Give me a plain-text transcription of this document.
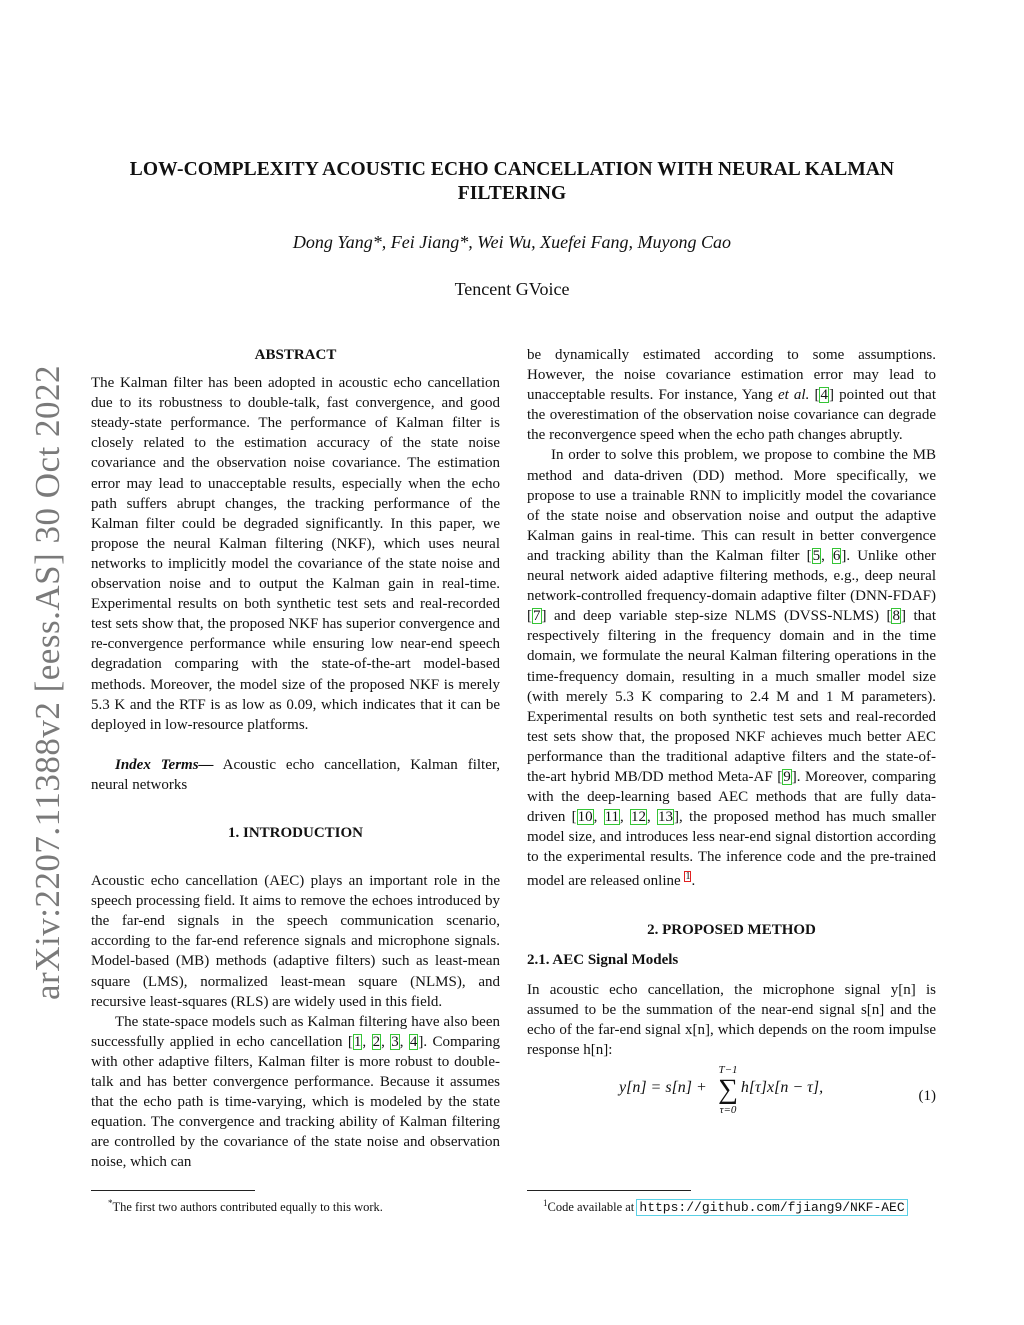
arXiv:2207.11388v2 [eess.AS] 30 Oct 2022
LOW-COMPLEXITY ACOUSTIC ECHO CANCELLATION WITH NEURAL KALMAN
FILTERING
Dong Yang*, Fei Jiang*, Wei Wu, Xuefei Fang, Muyong Cao
Tencent GVoice

ABSTRACT

The Kalman filter has been adopted in acoustic echo cancellation due to its robustness to double-talk, fast convergence, and good steady-state performance. The performance of Kalman filter is closely related to the estimation accuracy of the state noise covariance and the observation noise covariance. The estimation error may lead to unacceptable results, especially when the echo path suffers abrupt changes, the tracking performance of the Kalman filter could be degraded significantly. In this paper, we propose the neural Kalman filtering (NKF), which uses neural networks to implicitly model the covariance of the state noise and observation noise and to output the Kalman gain in real-time. Experimental results on both synthetic test sets and real-recorded test sets show that, the proposed NKF has superior convergence and re-convergence performance while ensuring low near-end speech degradation comparing with the state-of-the-art model-based methods. Moreover, the model size of the proposed NKF is merely 5.3 K and the RTF is as low as 0.09, which indicates that it can be deployed in low-resource platforms.

Index Terms— Acoustic echo cancellation, Kalman filter, neural networks

1. INTRODUCTION

Acoustic echo cancellation (AEC) plays an important role in the speech processing field. It aims to remove the echoes introduced by the far-end signals in the speech communication scenario, according to the far-end reference signals and microphone signals. Model-based (MB) methods (adaptive filters) such as least-mean square (LMS), normalized least-mean square (NLMS), and recursive least-squares (RLS) are widely used in this field.

The state-space models such as Kalman filtering have also been successfully applied in echo cancellation [1, 2, 3, 4]. Comparing with other adaptive filters, Kalman filter is more robust to double-talk and has better convergence performance. Because it assumes that the echo path is time-varying, which is modeled by the state equation. The convergence and tracking ability of Kalman filtering are controlled by the covariance of the state noise and observation noise, which can

*The first two authors contributed equally to this work.

be dynamically estimated according to some assumptions. However, the noise covariance estimation error may lead to unacceptable results. For instance, Yang et al. [4] pointed out that the overestimation of the observation noise covariance can degrade the reconvergence speed when the echo path changes abruptly.

In order to solve this problem, we propose to combine the MB method and data-driven (DD) method. More specifically, we propose to use a trainable RNN to implicitly model the covariance of the state noise and observation noise and output the adaptive Kalman gains in real-time. This can result in better convergence and tracking ability than the Kalman filter [5, 6]. Unlike other neural network aided adaptive filtering methods, e.g., deep neural network-controlled frequency-domain adaptive filter (DNN-FDAF) [7] and deep variable step-size NLMS (DVSS-NLMS) [8] that respectively filtering in the frequency domain and in the time domain, we formulate the neural Kalman filtering operations in the time-frequency domain, resulting in a much smaller model size (with merely 5.3 K comparing to 2.4 M and 1 M parameters). Experimental results on both synthetic test sets and real-recorded test sets show that, the proposed NKF achieves much better AEC performance than the traditional adaptive filters and the state-of-the-art hybrid MB/DD method Meta-AF [9]. Moreover, comparing with the deep-learning based AEC methods that are fully data-driven [10, 11, 12, 13], the proposed method has much smaller model size, and introduces less near-end signal distortion according to the experimental results. The inference code and the pre-trained model are released online $^1$.

2. PROPOSED METHOD

2.1. AEC Signal Models

In acoustic echo cancellation, the microphone signal y[n] is assumed to be the summation of the near-end signal s[n] and the echo of the far-end signal x[n], which depends on the room impulse response h[n]:

y[n] = s[n] + h[τ]x[n − τ],
T−1
∑
τ=0
(1)
$^1$Code available at https://github.com/fjiang9/NKF-AEC
